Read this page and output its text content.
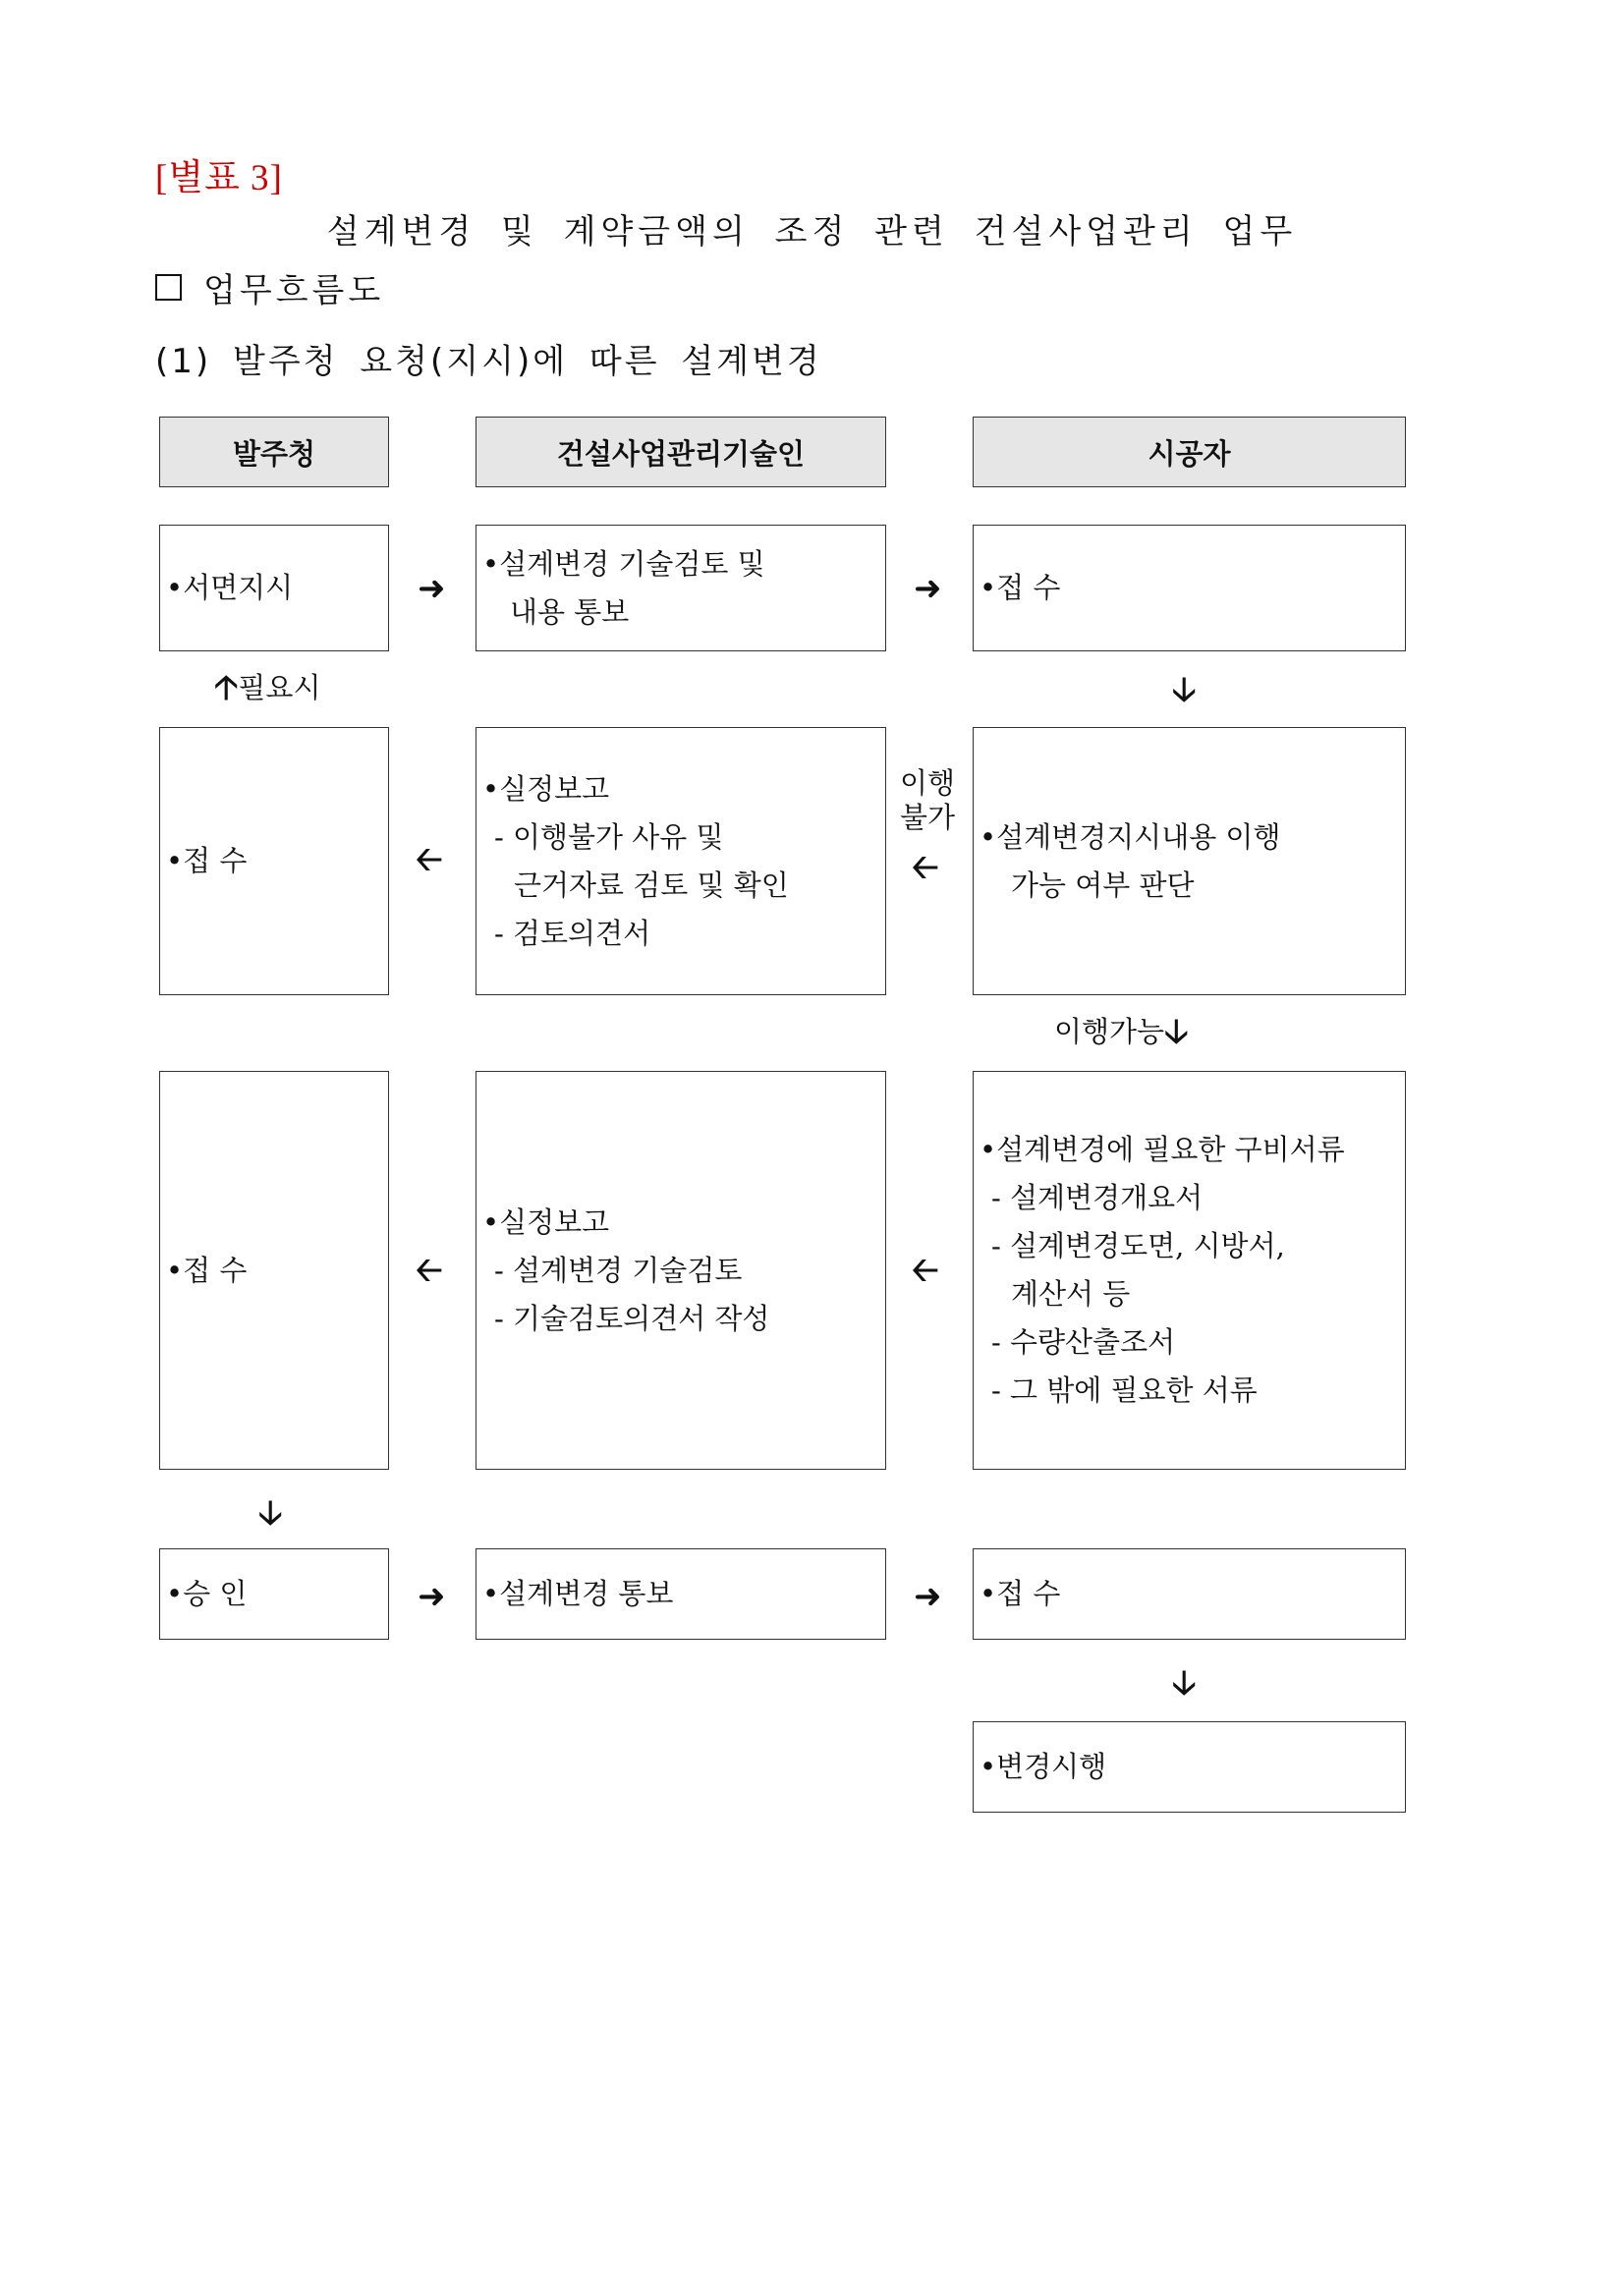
[별표 3]
설계변경 및 계약금액의 조정 관련 건설사업관리 업무
업무흐름도
(1) 발주청 요청(지시)에 따른 설계변경
발주청	건설사업관리기술인	시공자
•서면지시
•설계변경 기술검토 및
내용 통보
•접 수
➜	➜
🡡 필요시	🡣
•접 수
•실정보고
- 이행불가 사유 및
근거자료 검토 및 확인
- 검토의견서
•설계변경지시내용 이행
가능 여부 판단
🡠
이행
불가
🡠
이행가능 🡣
•접 수
•실정보고
- 설계변경 기술검토
- 기술검토의견서 작성
•설계변경에 필요한 구비서류
- 설계변경개요서
- 설계변경도면, 시방서,
계산서 등
- 수량산출조서
- 그 밖에 필요한 서류
🡠	🡠
🡣
•승 인	•설계변경 통보	•접 수
➜	➜
🡣
•변경시행
